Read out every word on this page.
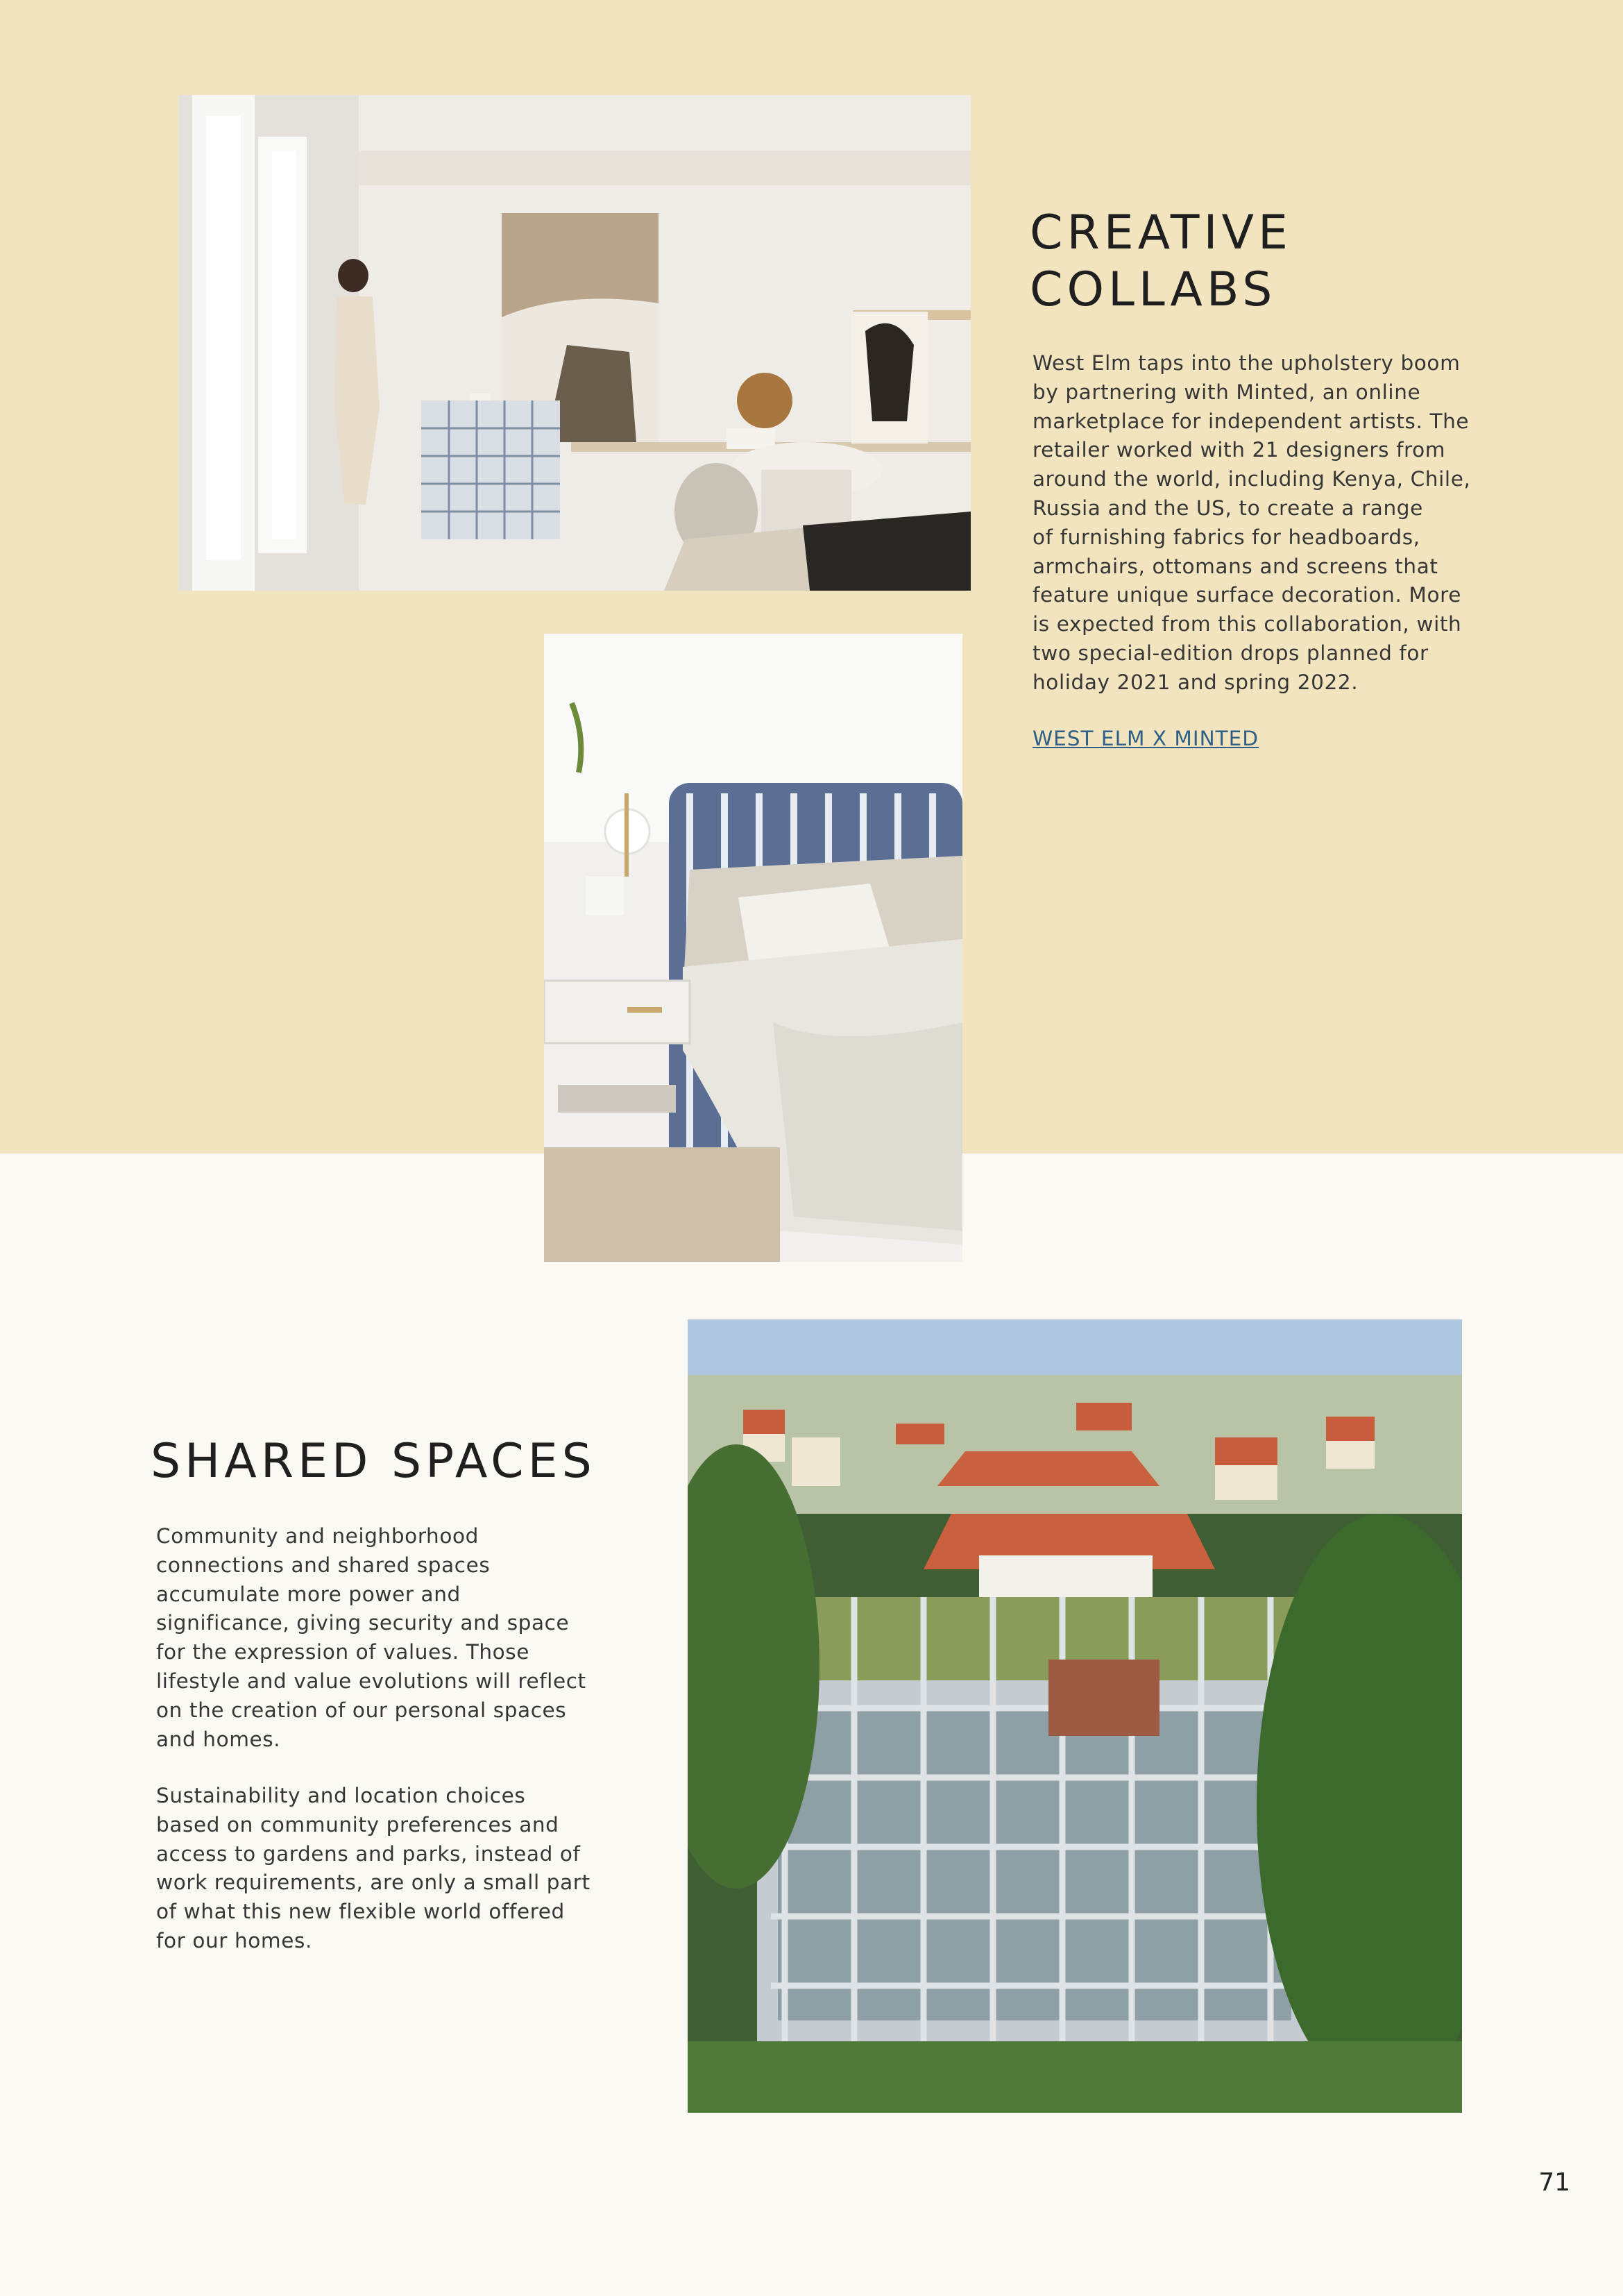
CREATIVE
COLLABS

West Elm taps into the upholstery boom
by partnering with Minted, an online
marketplace for independent artists. The
retailer worked with 21 designers from
around the world, including Kenya, Chile,
Russia and the US, to create a range
of furnishing fabrics for headboards,
armchairs, ottomans and screens that
feature unique surface decoration. More
is expected from this collaboration, with
two special-edition drops planned for
holiday 2021 and spring 2022.

WEST ELM X MINTED
SHARED SPACES

Community and neighborhood
connections and shared spaces
accumulate more power and
significance, giving security and space
for the expression of values. Those
lifestyle and value evolutions will reflect
on the creation of our personal spaces
and homes.

Sustainability and location choices
based on community preferences and
access to gardens and parks, instead of
work requirements, are only a small part
of what this new flexible world offered
for our homes.

71
